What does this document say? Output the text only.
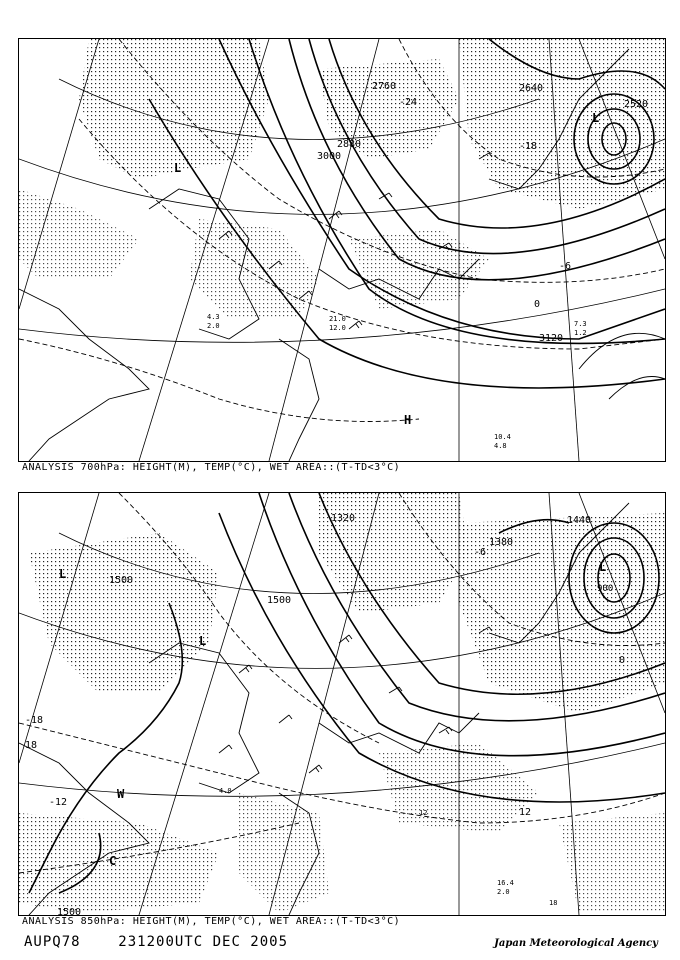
3000
2880
2760	2640
2520
3120
-24
-18
0
-6
L
H
L
10.4
4.8
7.3
1.2
4.3
2.0
21.0
12.0
ANALYSIS 700hPa: HEIGHT(M), TEMP(°C), WET AREA::(T-TD<3°C)
1500
1500
1440
1380
1320
1500
-18
18
12
-12
-6
0
L
L
W
C
L
900
16.4
2.0
18
4.0
12
ANALYSIS 850hPa: HEIGHT(M), TEMP(°C), WET AREA::(T-TD<3°C)
AUPQ78	231200UTC DEC 2005	Japan Meteorological Agency
